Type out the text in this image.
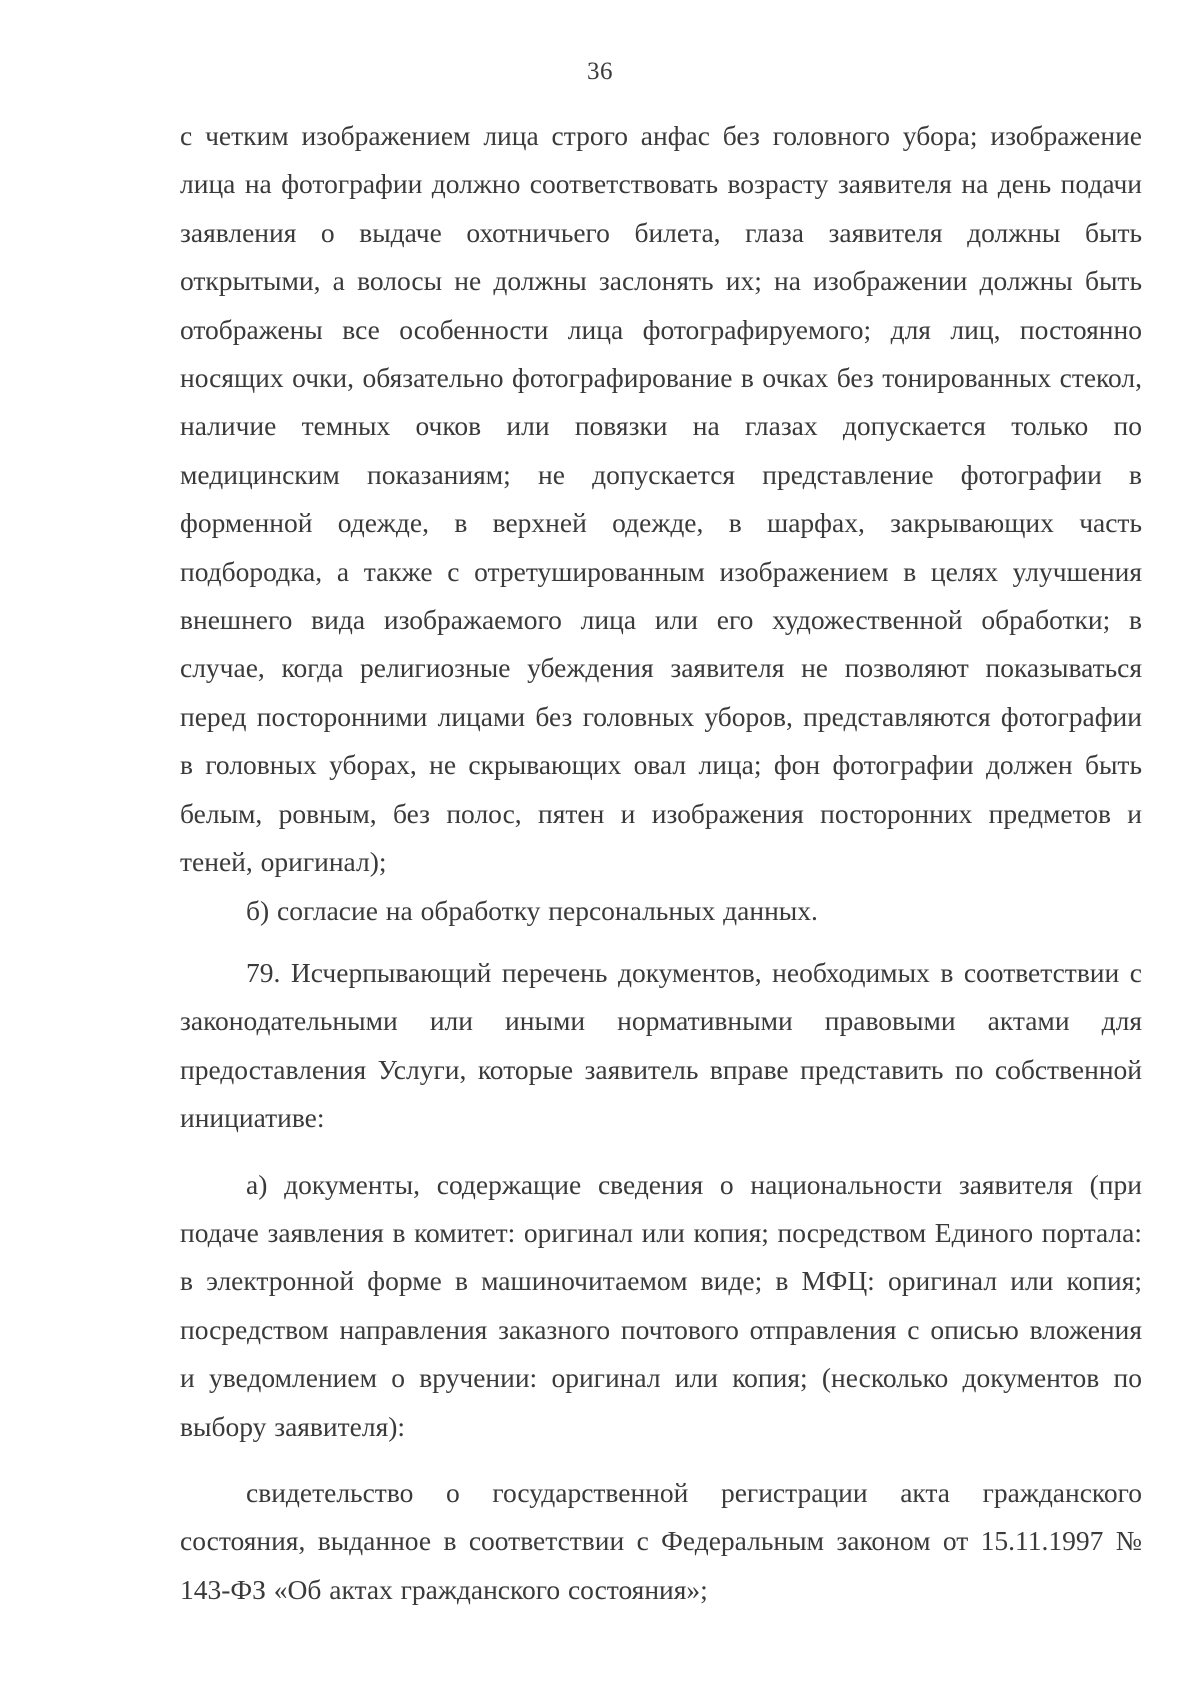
36

с четким изображением лица строго анфас без головного убора; изображение лица на фотографии должно соответствовать возрасту заявителя на день подачи заявления о выдаче охотничьего билета, глаза заявителя должны быть открытыми, а волосы не должны заслонять их; на изображении должны быть отображены все особенности лица фотографируемого; для лиц, постоянно носящих очки, обязательно фотографирование в очках без тонированных стекол, наличие темных очков или повязки на глазах допускается только по медицинским показаниям; не допускается представление фотографии в форменной одежде, в верхней одежде, в шарфах, закрывающих часть подбородка, а также с отретушированным изображением в целях улучшения внешнего вида изображаемого лица или его художественной обработки; в случае, когда религиозные убеждения заявителя не позволяют показываться перед посторонними лицами без головных уборов, представляются фотографии в головных уборах, не скрывающих овал лица; фон фотографии должен быть белым, ровным, без полос, пятен и изображения посторонних предметов и теней, оригинал);

б) согласие на обработку персональных данных.

79. Исчерпывающий перечень документов, необходимых в соответствии с законодательными или иными нормативными правовыми актами для предоставления Услуги, которые заявитель вправе представить по собственной инициативе:

а) документы, содержащие сведения о национальности заявителя (при подаче заявления в комитет: оригинал или копия; посредством Единого портала: в электронной форме в машиночитаемом виде; в МФЦ: оригинал или копия; посредством направления заказного почтового отправления с описью вложения и уведомлением о вручении: оригинал или копия; (несколько документов по выбору заявителя):

свидетельство о государственной регистрации акта гражданского состояния, выданное в соответствии с Федеральным законом от 15.11.1997 № 143-ФЗ «Об актах гражданского состояния»;
